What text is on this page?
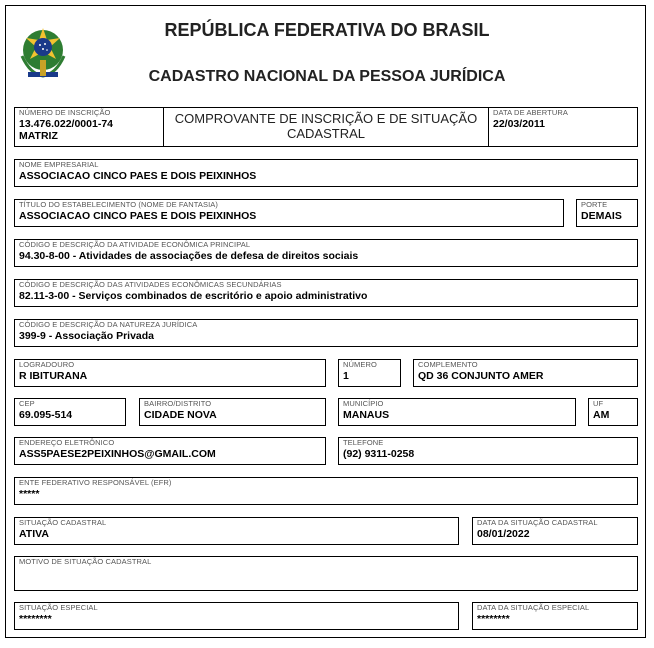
REPÚBLICA FEDERATIVA DO BRASIL
CADASTRO NACIONAL DA PESSOA JURÍDICA
NÚMERO DE INSCRIÇÃO
13.476.022/0001-74
MATRIZ
COMPROVANTE DE INSCRIÇÃO E DE SITUAÇÃO
CADASTRAL
DATA DE ABERTURA
22/03/2011
NOME EMPRESARIAL
ASSOCIACAO CINCO PAES E DOIS PEIXINHOS
TÍTULO DO ESTABELECIMENTO (NOME DE FANTASIA)
ASSOCIACAO CINCO PAES E DOIS PEIXINHOS
PORTE
DEMAIS
CÓDIGO E DESCRIÇÃO DA ATIVIDADE ECONÔMICA PRINCIPAL
94.30-8-00 - Atividades de associações de defesa de direitos sociais
CÓDIGO E DESCRIÇÃO DAS ATIVIDADES ECONÔMICAS SECUNDÁRIAS
82.11-3-00 - Serviços combinados de escritório e apoio administrativo
CÓDIGO E DESCRIÇÃO DA NATUREZA JURÍDICA
399-9 - Associação Privada
LOGRADOURO
R IBITURANA
NÚMERO
1
COMPLEMENTO
QD 36 CONJUNTO AMER
CEP
69.095-514
BAIRRO/DISTRITO
CIDADE NOVA
MUNICÍPIO
MANAUS
UF
AM
ENDEREÇO ELETRÔNICO
ASS5PAESE2PEIXINHOS@GMAIL.COM
TELEFONE
(92) 9311-0258
ENTE FEDERATIVO RESPONSÁVEL (EFR)
*****
SITUAÇÃO CADASTRAL
ATIVA
DATA DA SITUAÇÃO CADASTRAL
08/01/2022
MOTIVO DE SITUAÇÃO CADASTRAL
SITUAÇÃO ESPECIAL
********
DATA DA SITUAÇÃO ESPECIAL
********
